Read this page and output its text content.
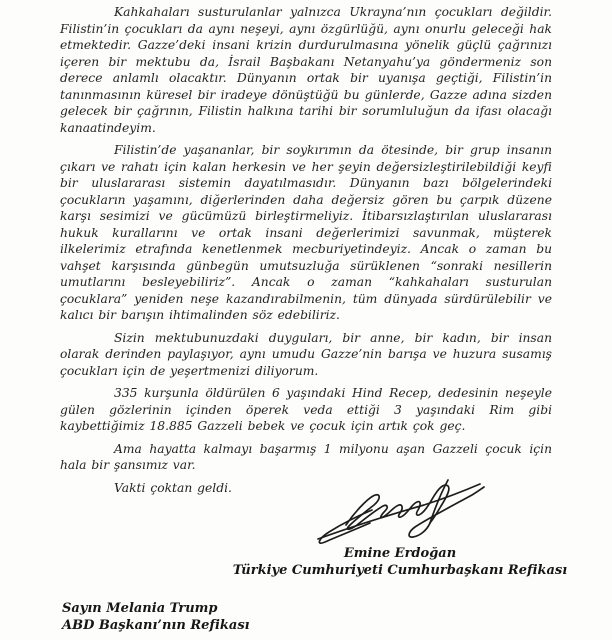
Kahkahaları susturulanlar yalnızca Ukrayna’nın çocukları değildir. Filistin’in çocukları da aynı neşeyi, aynı özgürlüğü, aynı onurlu geleceği hak etmektedir. Gazze’deki insani krizin durdurulmasına yönelik güçlü çağrınızı içeren bir mektubu da, İsrail Başbakanı Netanyahu’ya göndermeniz son derece anlamlı olacaktır. Dünyanın ortak bir uyanışa geçtiği, Filistin’in tanınmasının küresel bir iradeye dönüştüğü bu günlerde, Gazze adına sizden gelecek bir çağrının, Filistin halkına tarihi bir sorumluluğun da ifası olacağı kanaatindeyim.

Filistin’de yaşananlar, bir soykırımın da ötesinde, bir grup insanın çıkarı ve rahatı için kalan herkesin ve her şeyin değersizleştirilebildiği keyfi bir uluslararası sistemin dayatılmasıdır. Dünyanın bazı bölgelerindeki çocukların yaşamını, diğerlerinden daha değersiz gören bu çarpık düzene karşı sesimizi ve gücümüzü birleştirmeliyiz. İtibarsızlaştırılan uluslararası hukuk kurallarını ve ortak insani değerlerimizi savunmak, müşterek ilkelerimiz etrafında kenetlenmek mecburiyetindeyiz. Ancak o zaman bu vahşet karşısında günbegün umutsuzluğa sürüklenen “sonraki nesillerin umutlarını besleyebiliriz”. Ancak o zaman “kahkahaları susturulan çocuklara” yeniden neşe kazandırabilmenin, tüm dünyada sürdürülebilir ve kalıcı bir barışın ihtimalinden söz edebiliriz.

Sizin mektubunuzdaki duyguları, bir anne, bir kadın, bir insan olarak derinden paylaşıyor, aynı umudu Gazze’nin barışa ve huzura susamış çocukları için de yeşertmenizi diliyorum.

335 kurşunla öldürülen 6 yaşındaki Hind Recep, dedesinin neşeyle gülen gözlerinin içinden öperek veda ettiği 3 yaşındaki Rim gibi kaybettiğimiz 18.885 Gazzeli bebek ve çocuk için artık çok geç.

Ama hayatta kalmayı başarmış 1 milyonu aşan Gazzeli çocuk için hala bir şansımız var.

Vakti çoktan geldi.

Emine Erdoğan
Türkiye Cumhuriyeti Cumhurbaşkanı Refikası
Sayın Melania Trump
ABD Başkanı’nın Refikası
